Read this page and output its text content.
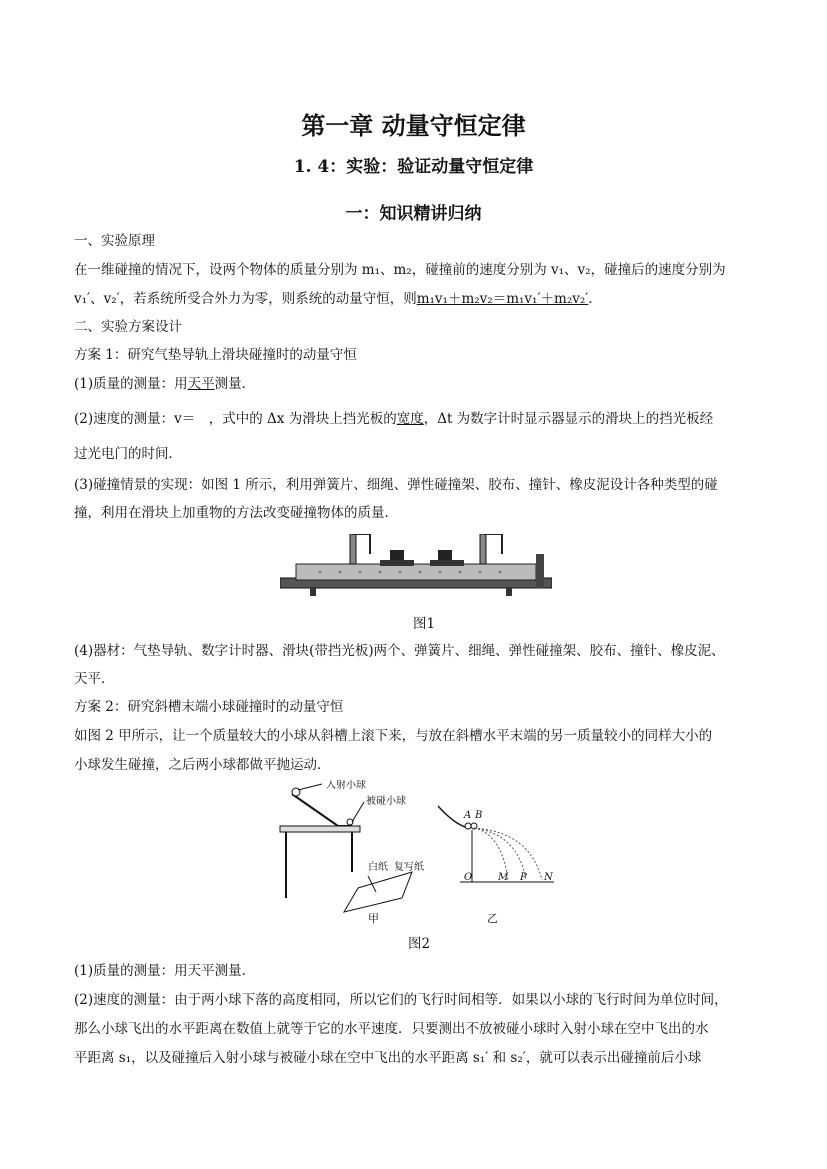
第一章 动量守恒定律
1. 4：实验：验证动量守恒定律
一：知识精讲归纳
一、实验原理
在一维碰撞的情况下，设两个物体的质量分别为 m₁、m₂，碰撞前的速度分别为 v₁、v₂，碰撞后的速度分别为
v₁′、v₂′，若系统所受合外力为零，则系统的动量守恒，则m₁v₁＋m₂v₂＝m₁v₁′＋m₂v₂′．
二、实验方案设计
方案 1：研究气垫导轨上滑块碰撞时的动量守恒
(1)质量的测量：用天平测量．
(2)速度的测量：v＝　，式中的 Δx 为滑块上挡光板的宽度，Δt 为数字计时显示器显示的滑块上的挡光板经
过光电门的时间．
(3)碰撞情景的实现：如图 1 所示，利用弹簧片、细绳、弹性碰撞架、胶布、撞针、橡皮泥设计各种类型的碰
撞，利用在滑块上加重物的方法改变碰撞物体的质量．
图1
(4)器材：气垫导轨、数字计时器、滑块(带挡光板)两个、弹簧片、细绳、弹性碰撞架、胶布、撞针、橡皮泥、
天平．
方案 2：研究斜槽末端小球碰撞时的动量守恒
如图 2 甲所示，让一个质量较大的小球从斜槽上滚下来，与放在斜槽水平末端的另一质量较小的同样大小的
小球发生碰撞，之后两小球都做平抛运动．
入射小球
被碰小球
白纸 复写纸
甲
A B
O	M P N
乙
图2
(1)质量的测量：用天平测量．
(2)速度的测量：由于两小球下落的高度相同，所以它们的飞行时间相等．如果以小球的飞行时间为单位时间，
那么小球飞出的水平距离在数值上就等于它的水平速度．只要测出不放被碰小球时入射小球在空中飞出的水
平距离 s₁，以及碰撞后入射小球与被碰小球在空中飞出的水平距离 s₁′ 和 s₂′，就可以表示出碰撞前后小球
